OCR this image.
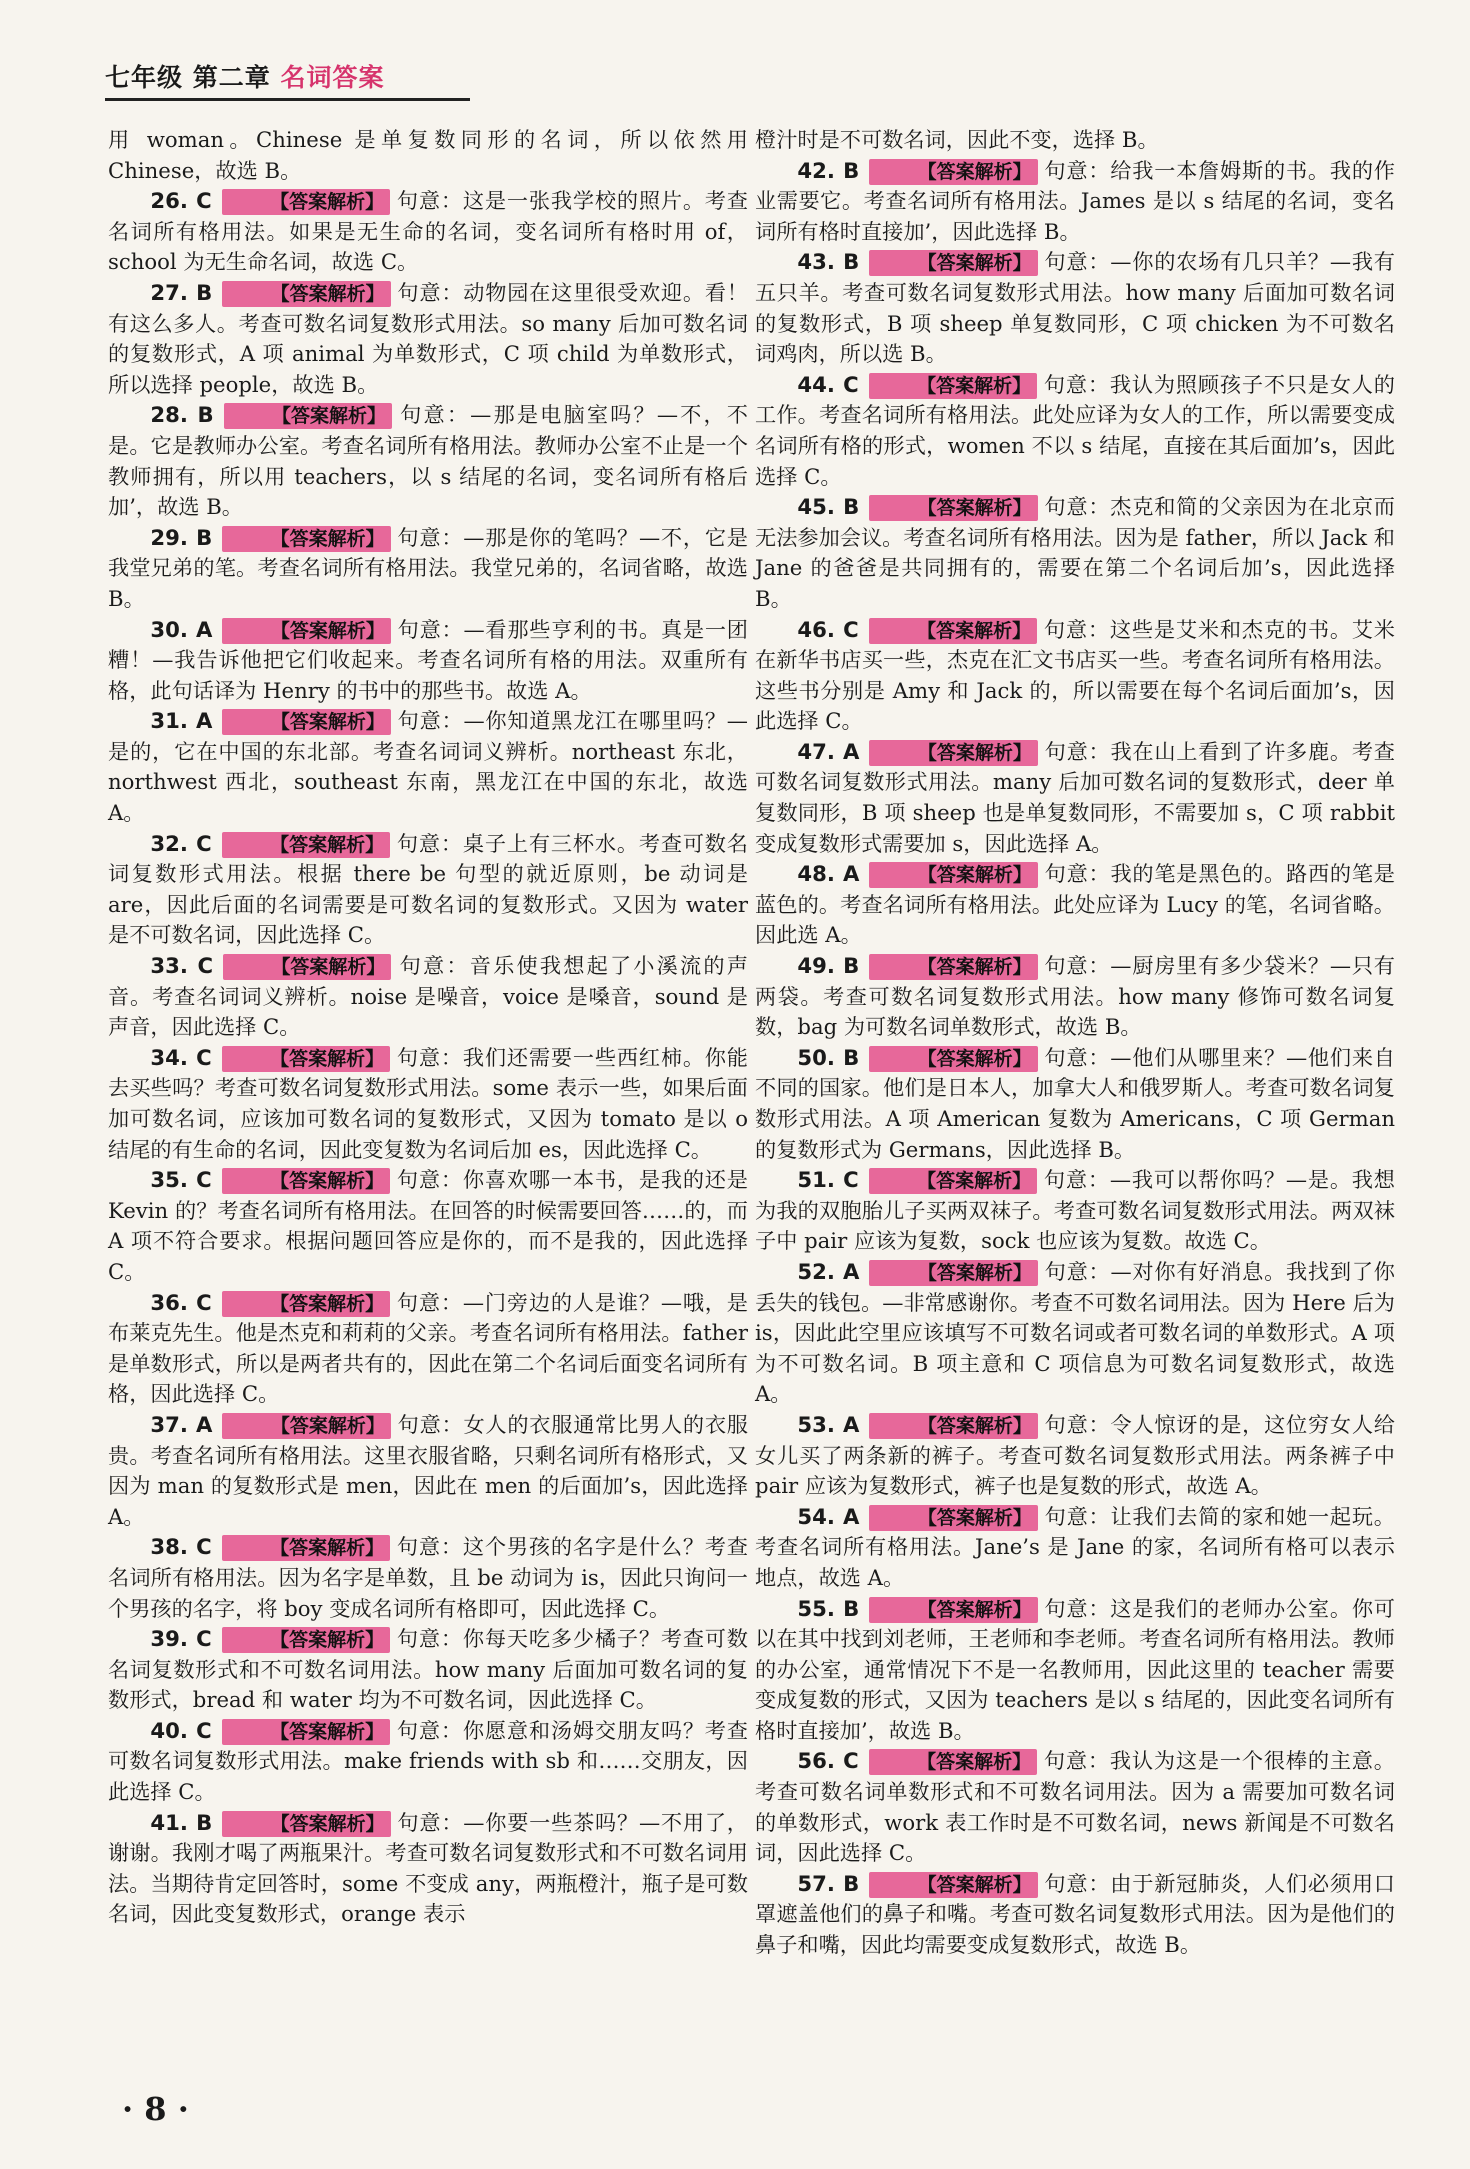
七年级 第二章 名词答案

用 woman。Chinese 是单复数同形的名词，所以依然用 Chinese，故选 B。

26. C	【答案解析】 句意：这是一张我学校的照片。考查名词所有格用法。如果是无生命的名词，变名词所有格时用 of，school 为无生命名词，故选 C。

27. B	【答案解析】 句意：动物园在这里很受欢迎。看！有这么多人。考查可数名词复数形式用法。so many 后加可数名词的复数形式，A 项 animal 为单数形式，C 项 child 为单数形式，所以选择 people，故选 B。

28. B	【答案解析】 句意：—那是电脑室吗？—不，不是。它是教师办公室。考查名词所有格用法。教师办公室不止是一个教师拥有，所以用 teachers，以 s 结尾的名词，变名词所有格后加’，故选 B。

29. B	【答案解析】 句意：—那是你的笔吗？—不，它是我堂兄弟的笔。考查名词所有格用法。我堂兄弟的，名词省略，故选 B。

30. A	【答案解析】 句意：—看那些亨利的书。真是一团糟！—我告诉他把它们收起来。考查名词所有格的用法。双重所有格，此句话译为 Henry 的书中的那些书。故选 A。

31. A	【答案解析】 句意：—你知道黑龙江在哪里吗？—是的，它在中国的东北部。考查名词词义辨析。northeast 东北，northwest 西北，southeast 东南，黑龙江在中国的东北，故选 A。

32. C	【答案解析】 句意：桌子上有三杯水。考查可数名词复数形式用法。根据 there be 句型的就近原则，be 动词是 are，因此后面的名词需要是可数名词的复数形式。又因为 water 是不可数名词，因此选择 C。

33. C	【答案解析】 句意：音乐使我想起了小溪流的声音。考查名词词义辨析。noise 是噪音，voice 是嗓音，sound 是声音，因此选择 C。

34. C	【答案解析】 句意：我们还需要一些西红柿。你能去买些吗？考查可数名词复数形式用法。some 表示一些，如果后面加可数名词，应该加可数名词的复数形式，又因为 tomato 是以 o 结尾的有生命的名词，因此变复数为名词后加 es，因此选择 C。

35. C	【答案解析】 句意：你喜欢哪一本书，是我的还是 Kevin 的？考查名词所有格用法。在回答的时候需要回答……的，而 A 项不符合要求。根据问题回答应是你的，而不是我的，因此选择 C。

36. C	【答案解析】 句意：—门旁边的人是谁？—哦，是布莱克先生。他是杰克和莉莉的父亲。考查名词所有格用法。father 是单数形式，所以是两者共有的，因此在第二个名词后面变名词所有格，因此选择 C。

37. A	【答案解析】 句意：女人的衣服通常比男人的衣服贵。考查名词所有格用法。这里衣服省略，只剩名词所有格形式，又因为 man 的复数形式是 men，因此在 men 的后面加’s，因此选择 A。

38. C	【答案解析】 句意：这个男孩的名字是什么？考查名词所有格用法。因为名字是单数，且 be 动词为 is，因此只询问一个男孩的名字，将 boy 变成名词所有格即可，因此选择 C。

39. C	【答案解析】 句意：你每天吃多少橘子？考查可数名词复数形式和不可数名词用法。how many 后面加可数名词的复数形式，bread 和 water 均为不可数名词，因此选择 C。

40. C	【答案解析】 句意：你愿意和汤姆交朋友吗？考查可数名词复数形式用法。make friends with sb 和……交朋友，因此选择 C。

41. B	【答案解析】 句意：—你要一些茶吗？—不用了，谢谢。我刚才喝了两瓶果汁。考查可数名词复数形式和不可数名词用法。当期待肯定回答时，some 不变成 any，两瓶橙汁，瓶子是可数名词，因此变复数形式，orange 表示

橙汁时是不可数名词，因此不变，选择 B。

42. B	【答案解析】 句意：给我一本詹姆斯的书。我的作业需要它。考查名词所有格用法。James 是以 s 结尾的名词，变名词所有格时直接加’，因此选择 B。

43. B	【答案解析】 句意：—你的农场有几只羊？—我有五只羊。考查可数名词复数形式用法。how many 后面加可数名词的复数形式，B 项 sheep 单复数同形，C 项 chicken 为不可数名词鸡肉，所以选 B。

44. C	【答案解析】 句意：我认为照顾孩子不只是女人的工作。考查名词所有格用法。此处应译为女人的工作，所以需要变成名词所有格的形式，women 不以 s 结尾，直接在其后面加’s，因此选择 C。

45. B	【答案解析】 句意：杰克和简的父亲因为在北京而无法参加会议。考查名词所有格用法。因为是 father，所以 Jack 和 Jane 的爸爸是共同拥有的，需要在第二个名词后加’s，因此选择 B。

46. C	【答案解析】 句意：这些是艾米和杰克的书。艾米在新华书店买一些，杰克在汇文书店买一些。考查名词所有格用法。这些书分别是 Amy 和 Jack 的，所以需要在每个名词后面加’s，因此选择 C。

47. A	【答案解析】 句意：我在山上看到了许多鹿。考查可数名词复数形式用法。many 后加可数名词的复数形式，deer 单复数同形，B 项 sheep 也是单复数同形，不需要加 s，C 项 rabbit 变成复数形式需要加 s，因此选择 A。

48. A	【答案解析】 句意：我的笔是黑色的。路西的笔是蓝色的。考查名词所有格用法。此处应译为 Lucy 的笔，名词省略。因此选 A。

49. B	【答案解析】 句意：—厨房里有多少袋米？—只有两袋。考查可数名词复数形式用法。how many 修饰可数名词复数，bag 为可数名词单数形式，故选 B。

50. B	【答案解析】 句意：—他们从哪里来？—他们来自不同的国家。他们是日本人，加拿大人和俄罗斯人。考查可数名词复数形式用法。A 项 American 复数为 Americans，C 项 German 的复数形式为 Germans，因此选择 B。

51. C	【答案解析】 句意：—我可以帮你吗？—是。我想为我的双胞胎儿子买两双袜子。考查可数名词复数形式用法。两双袜子中 pair 应该为复数，sock 也应该为复数。故选 C。

52. A	【答案解析】 句意：—对你有好消息。我找到了你丢失的钱包。—非常感谢你。考查不可数名词用法。因为 Here 后为 is，因此此空里应该填写不可数名词或者可数名词的单数形式。A 项为不可数名词。B 项主意和 C 项信息为可数名词复数形式，故选 A。

53. A	【答案解析】 句意：令人惊讶的是，这位穷女人给女儿买了两条新的裤子。考查可数名词复数形式用法。两条裤子中 pair 应该为复数形式，裤子也是复数的形式，故选 A。

54. A	【答案解析】 句意：让我们去简的家和她一起玩。考查名词所有格用法。Jane’s 是 Jane 的家，名词所有格可以表示地点，故选 A。

55. B	【答案解析】 句意：这是我们的老师办公室。你可以在其中找到刘老师，王老师和李老师。考查名词所有格用法。教师的办公室，通常情况下不是一名教师用，因此这里的 teacher 需要变成复数的形式，又因为 teachers 是以 s 结尾的，因此变名词所有格时直接加’，故选 B。

56. C	【答案解析】 句意：我认为这是一个很棒的主意。考查可数名词单数形式和不可数名词用法。因为 a 需要加可数名词的单数形式，work 表工作时是不可数名词，news 新闻是不可数名词，因此选择 C。

57. B	【答案解析】 句意：由于新冠肺炎，人们必须用口罩遮盖他们的鼻子和嘴。考查可数名词复数形式用法。因为是他们的鼻子和嘴，因此均需要变成复数形式，故选 B。

· 8 ·
